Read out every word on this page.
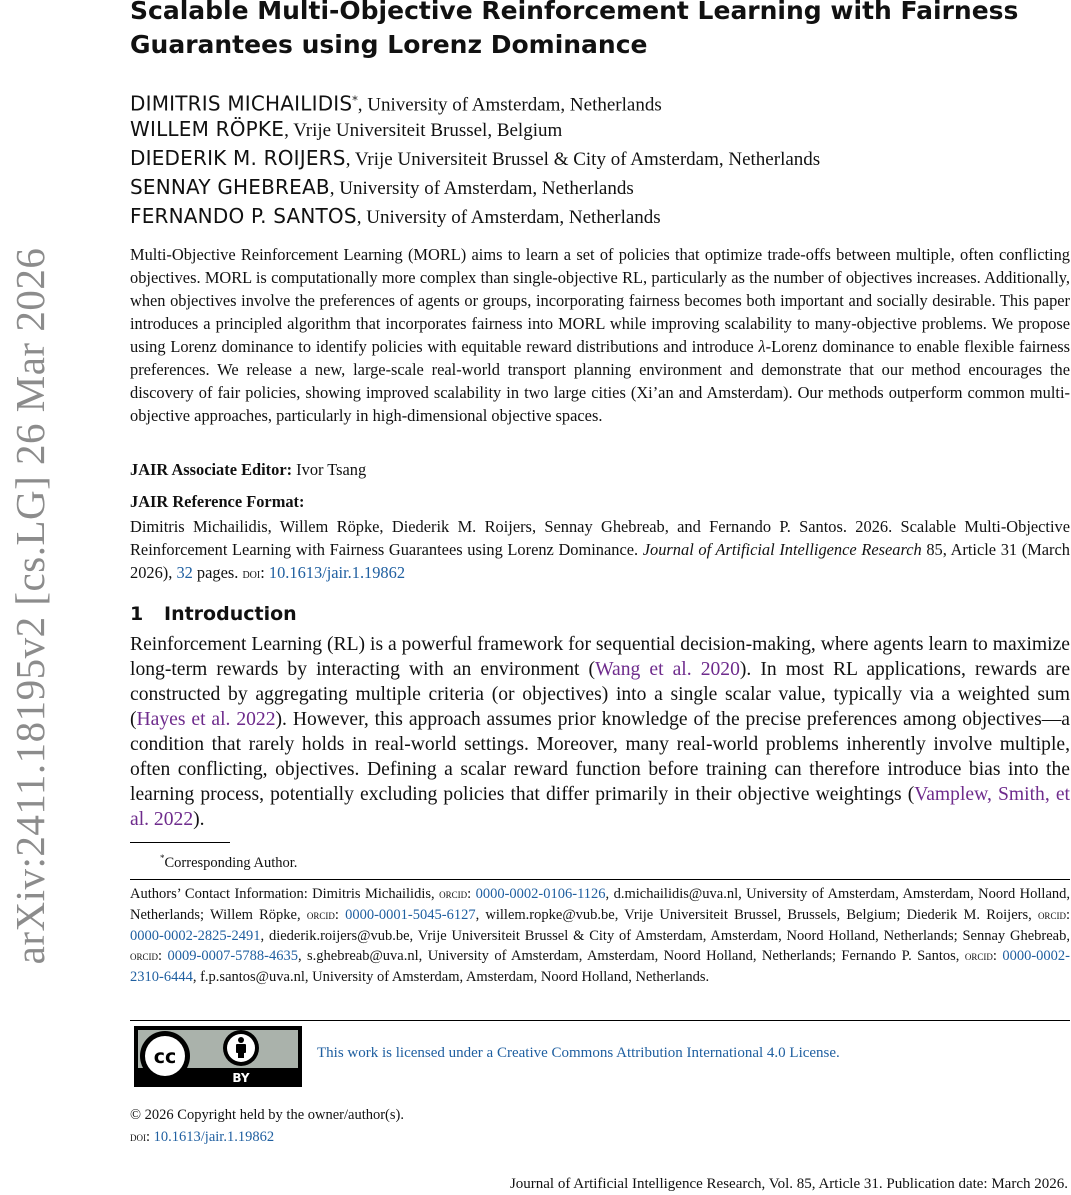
arXiv:2411.18195v2 [cs.LG] 26 Mar 2026
Scalable Multi-Objective Reinforcement Learning with Fairness Guarantees using Lorenz Dominance
DIMITRIS MICHAILIDIS*, University of Amsterdam, Netherlands
WILLEM RÖPKE, Vrije Universiteit Brussel, Belgium
DIEDERIK M. ROIJERS, Vrije Universiteit Brussel & City of Amsterdam, Netherlands
SENNAY GHEBREAB, University of Amsterdam, Netherlands
FERNANDO P. SANTOS, University of Amsterdam, Netherlands
Multi-Objective Reinforcement Learning (MORL) aims to learn a set of policies that optimize trade-offs between multiple, often conflicting objectives. MORL is computationally more complex than single-objective RL, particularly as the number of objectives increases. Additionally, when objectives involve the preferences of agents or groups, incorporating fairness becomes both important and socially desirable. This paper introduces a principled algorithm that incorporates fairness into MORL while improving scalability to many-objective problems. We propose using Lorenz dominance to identify policies with equitable reward distributions and introduce λ-Lorenz dominance to enable flexible fairness preferences. We release a new, large-scale real-world transport planning environment and demonstrate that our method encourages the discovery of fair policies, showing improved scalability in two large cities (Xi’an and Amsterdam). Our methods outperform common multi-objective approaches, particularly in high-dimensional objective spaces.
JAIR Associate Editor: Ivor Tsang
JAIR Reference Format:
Dimitris Michailidis, Willem Röpke, Diederik M. Roijers, Sennay Ghebreab, and Fernando P. Santos. 2026. Scalable Multi-Objective Reinforcement Learning with Fairness Guarantees using Lorenz Dominance. Journal of Artificial Intelligence Research 85, Article 31 (March 2026), 32 pages. doi: 10.1613/jair.1.19862
1 Introduction
Reinforcement Learning (RL) is a powerful framework for sequential decision-making, where agents learn to maximize long-term rewards by interacting with an environment (Wang et al. 2020). In most RL applications, rewards are constructed by aggregating multiple criteria (or objectives) into a single scalar value, typically via a weighted sum (Hayes et al. 2022). However, this approach assumes prior knowledge of the precise preferences among objectives—a condition that rarely holds in real-world settings. Moreover, many real-world problems inherently involve multiple, often conflicting, objectives. Defining a scalar reward function before training can therefore introduce bias into the learning process, potentially excluding policies that differ primarily in their objective weightings (Vamplew, Smith, et al. 2022).
*Corresponding Author.
Authors’ Contact Information: Dimitris Michailidis, orcid: 0000-0002-0106-1126, d.michailidis@uva.nl, University of Amsterdam, Amsterdam, Noord Holland, Netherlands; Willem Röpke, orcid: 0000-0001-5045-6127, willem.ropke@vub.be, Vrije Universiteit Brussel, Brussels, Belgium; Diederik M. Roijers, orcid: 0000-0002-2825-2491, diederik.roijers@vub.be, Vrije Universiteit Brussel & City of Amsterdam, Amsterdam, Noord Holland, Netherlands; Sennay Ghebreab, orcid: 0009-0007-5788-4635, s.ghebreab@uva.nl, University of Amsterdam, Amsterdam, Noord Holland, Netherlands; Fernando P. Santos, orcid: 0000-0002-2310-6444, f.p.santos@uva.nl, University of Amsterdam, Amsterdam, Noord Holland, Netherlands.
cc
BY
This work is licensed under a Creative Commons Attribution International 4.0 License.
© 2026 Copyright held by the owner/author(s).
doi: 10.1613/jair.1.19862
Journal of Artificial Intelligence Research, Vol. 85, Article 31. Publication date: March 2026.
